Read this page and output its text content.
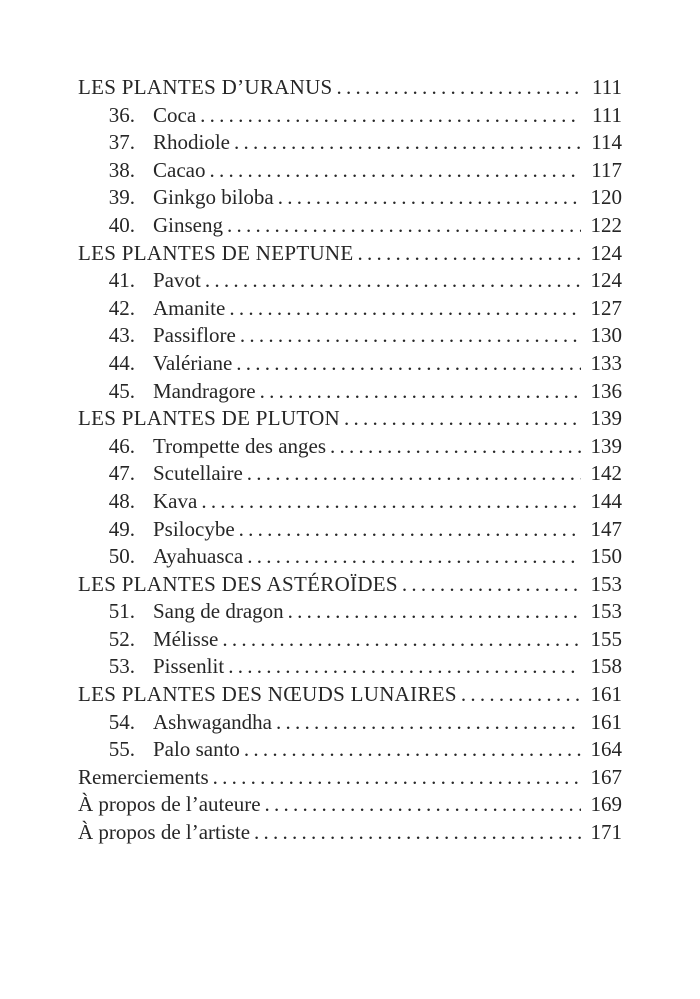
LES PLANTES D’URANUS . . .	111
36. Coca . . .	111
37. Rhodiole . . .	114
38. Cacao . . .	117
39. Ginkgo biloba . . .	120
40. Ginseng . . .	122
LES PLANTES DE NEPTUNE . . .	124
41. Pavot . . .	124
42. Amanite . . .	127
43. Passiflore . . .	130
44. Valériane . . .	133
45. Mandragore . . .	136
LES PLANTES DE PLUTON . . .	139
46. Trompette des anges . . .	139
47. Scutellaire . . .	142
48. Kava . . .	144
49. Psilocybe . . .	147
50. Ayahuasca . . .	150
LES PLANTES DES ASTÉROÏDES . . .	153
51. Sang de dragon . . .	153
52. Mélisse . . .	155
53. Pissenlit . . .	158
LES PLANTES DES NŒUDS LUNAIRES . . .	161
54. Ashwagandha . . .	161
55. Palo santo . . .	164
Remerciements . . .	167
À propos de l’auteure . . .	169
À propos de l’artiste . . .	171
